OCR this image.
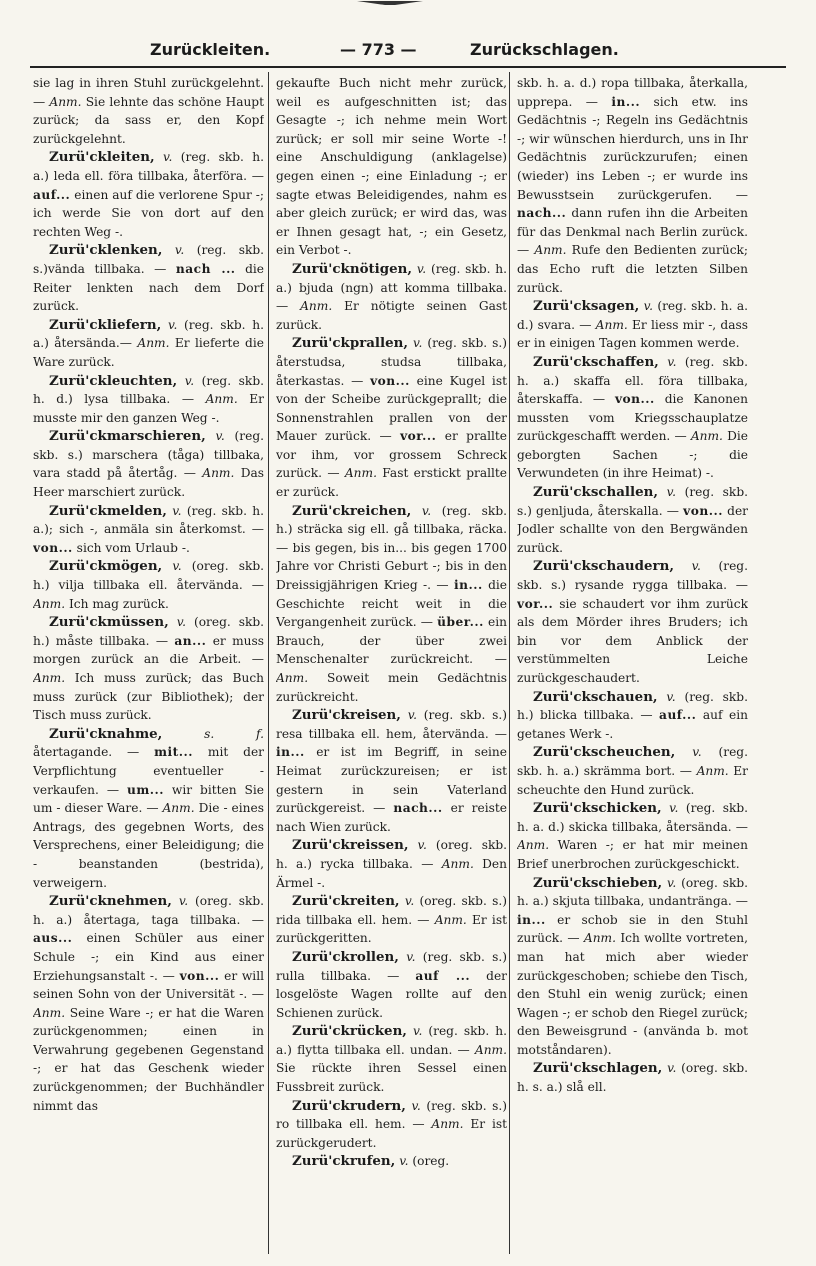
Zurückleiten.	— 773 —	Zurückschlagen.

sie lag in ihren Stuhl zurückgelehnt. — Anm. Sie lehnte das schöne Haupt zurück; da sass er, den Kopf zurückgelehnt.

Zurü'ckleiten, v. (reg. skb. h. a.) leda ell. föra tillbaka, återföra. — auf... einen auf die verlorene Spur -; ich werde Sie von dort auf den rechten Weg -.

Zurü'cklenken, v. (reg. skb. s.)vända tillbaka. — nach ... die Reiter lenkten nach dem Dorf zurück.

Zurü'ckliefern, v. (reg. skb. h. a.) återsända.— Anm. Er lieferte die Ware zurück.

Zurü'ckleuchten, v. (reg. skb. h. d.) lysa tillbaka. — Anm. Er musste mir den ganzen Weg -.

Zurü'ckmarschieren, v. (reg. skb. s.) marschera (tåga) tillbaka, vara stadd på återtåg. — Anm. Das Heer marschiert zurück.

Zurü'ckmelden, v. (reg. skb. h. a.); sich -, anmäla sin återkomst. — von... sich vom Urlaub -.

Zurü'ckmögen, v. (oreg. skb. h.) vilja tillbaka ell. återvända. — Anm. Ich mag zurück.

Zurü'ckmüssen, v. (oreg. skb. h.) måste tillbaka. — an... er muss morgen zurück an die Arbeit. — Anm. Ich muss zurück; das Buch muss zurück (zur Bibliothek); der Tisch muss zurück.

Zurü'cknahme,	s. f. återtagande. — mit... mit der Verpflichtung eventueller - verkaufen. — um... wir bitten Sie um - dieser Ware. — Anm. Die - eines Antrags, des gegebnen Worts, des Versprechens, einer Beleidigung; die - beanstanden (bestrida), verweigern.

Zurü'cknehmen, v. (oreg. skb. h. a.) återtaga, taga tillbaka. — aus... einen Schüler aus einer Schule -; ein Kind aus einer Erziehungsanstalt -. — von... er will seinen Sohn von der Universität -. — Anm. Seine Ware -; er hat die Waren zurückgenommen; einen in Verwahrung gegebenen Gegenstand -; er hat das Geschenk wieder zurückgenommen; der Buchhändler nimmt das

gekaufte Buch nicht mehr zurück, weil es aufgeschnitten ist; das Gesagte -; ich nehme mein Wort zurück; er soll mir seine Worte -! eine Anschuldigung (anklagelse) gegen einen -; eine Einladung -; er sagte etwas Beleidigendes, nahm es aber gleich zurück; er wird das, was er Ihnen gesagt hat, -; ein Gesetz, ein Verbot -.

Zurü'cknötigen, v. (reg. skb. h. a.) bjuda (ngn) att komma tillbaka. — Anm. Er nötigte seinen Gast zurück.

Zurü'ckprallen, v. (reg. skb. s.) återstudsa, studsa tillbaka, återkastas. — von... eine Kugel ist von der Scheibe zurückgeprallt; die Sonnenstrahlen prallen von der Mauer zurück. — vor... er prallte vor ihm, vor grossem Schreck zurück. — Anm. Fast erstickt prallte er zurück.

Zurü'ckreichen, v. (reg. skb. h.) sträcka sig ell. gå tillbaka, räcka. — bis gegen, bis in... bis gegen 1700 Jahre vor Christi Geburt -; bis in den Dreissigjährigen Krieg -. — in... die Geschichte reicht weit in die Vergangenheit zurück. — über... ein Brauch, der über zwei Menschenalter zurückreicht. — Anm. Soweit mein Gedächtnis zurückreicht.

Zurü'ckreisen, v. (reg. skb. s.) resa tillbaka ell. hem, återvända. — in... er ist im Begriff, in seine Heimat zurückzureisen; er ist gestern in sein Vaterland zurückgereist. — nach... er reiste nach Wien zurück.

Zurü'ckreissen, v. (oreg. skb. h. a.) rycka tillbaka. — Anm. Den Ärmel -.

Zurü'ckreiten, v. (oreg. skb. s.) rida tillbaka ell. hem. — Anm. Er ist zurückgeritten.

Zurü'ckrollen, v. (reg. skb. s.) rulla tillbaka. — auf ... der losgelöste Wagen rollte auf den Schienen zurück.

Zurü'ckrücken, v. (reg. skb. h. a.) flytta tillbaka ell. undan. — Anm. Sie rückte ihren Sessel einen Fussbreit zurück.

Zurü'ckrudern, v. (reg. skb. s.) ro tillbaka ell. hem. — Anm. Er ist zurückgerudert.

Zurü'ckrufen, v. (oreg.

skb. h. a. d.) ropa tillbaka, återkalla, upprepa. — in... sich etw. ins Gedächtnis -; Regeln ins Gedächtnis -; wir wünschen hierdurch, uns in Ihr Gedächtnis zurückzurufen; einen (wieder) ins Leben -; er wurde ins Bewusstsein zurückgerufen. — nach... dann rufen ihn die Arbeiten für das Denkmal nach Berlin zurück.— Anm. Rufe den Bedienten zurück; das Echo ruft die letzten Silben zurück.

Zurü'cksagen, v. (reg. skb. h. a. d.) svara. — Anm. Er liess mir -, dass er in einigen Tagen kommen werde.

Zurü'ckschaffen, v. (reg. skb. h. a.) skaffa ell. föra tillbaka, återskaffa. — von... die Kanonen mussten vom Kriegsschauplatze zurückgeschafft werden. — Anm. Die geborgten Sachen -; die Verwundeten (in ihre Heimat) -.

Zurü'ckschallen, v. (reg. skb. s.) genljuda, återskalla. — von... der Jodler schallte von den Bergwänden zurück.

Zurü'ckschaudern, v. (reg. skb. s.) rysande rygga tillbaka. — vor... sie schaudert vor ihm zurück als dem Mörder ihres Bruders; ich bin vor dem Anblick der verstümmelten Leiche zurückgeschaudert.

Zurü'ckschauen, v. (reg. skb. h.) blicka tillbaka. — auf... auf ein getanes Werk -.

Zurü'ckscheuchen, v. (reg. skb. h. a.) skrämma bort. — Anm. Er scheuchte den Hund zurück.

Zurü'ckschicken, v. (reg. skb. h. a. d.) skicka tillbaka, återsända. — Anm. Waren -; er hat mir meinen Brief unerbrochen zurückgeschickt.

Zurü'ckschieben, v. (oreg. skb. h. a.) skjuta tillbaka, undantränga. — in... er schob sie in den Stuhl zurück. — Anm. Ich wollte vortreten, man hat mich aber wieder zurückgeschoben; schiebe den Tisch, den Stuhl ein wenig zurück; einen Wagen -; er schob den Riegel zurück; den Beweisgrund - (använda b. mot motståndaren).

Zurü'ckschlagen, v. (oreg. skb. h. s. a.) slå ell.
